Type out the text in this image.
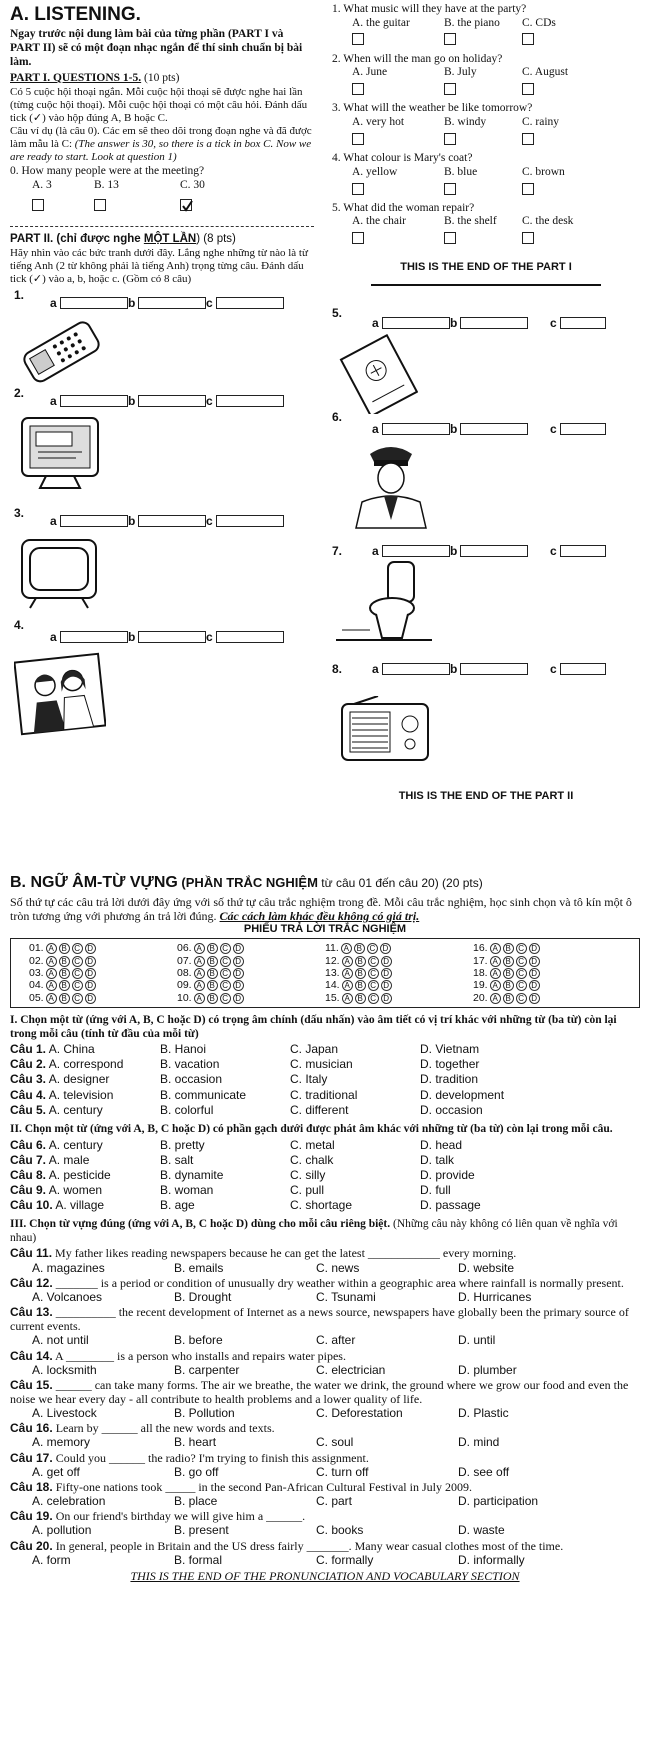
A. LISTENING.

Ngay trước nội dung làm bài của từng phần (PART I và PART II) sẽ có một đoạn nhạc ngắn để thí sinh chuẩn bị bài làm.

PART I. QUESTIONS 1-5. (10 pts)

Có 5 cuộc hội thoại ngắn. Mỗi cuộc hội thoại sẽ được nghe hai lần (từng cuộc hội thoại). Mỗi cuộc hội thoại có một câu hỏi. Đánh dấu tick (✓) vào hộp đúng A, B hoặc C.

Câu ví dụ (là câu 0). Các em sẽ theo dõi trong đoạn nghe và đã được làm mẫu là C: (The answer is 30, so there is a tick in box C. Now we are ready to start. Look at question 1)

0. How many people were at the meeting?

A. 3	B. 13	C. 30

PART II. (chỉ được nghe MỘT LẦN) (8 pts)

Hãy nhìn vào các bức tranh dưới đây. Lắng nghe những từ nào là từ tiếng Anh (2 từ không phải là tiếng Anh) trọng từng câu. Đánh dấu tick (✓) vào a, b, hoặc c. (Gồm có 8 câu)

1.
a	b	c
2.
a	b	c
3.
a	b	c
4.
a	b	c

1. What music will they have at the party?

A. the guitar	B. the piano	C. CDs

2. When will the man go on holiday?

A. June	B. July	C. August

3. What will the weather be like tomorrow?

A. very hot	B. windy	C. rainy

4. What colour is Mary's coat?

A. yellow	B. blue	C. brown

5. What did the woman repair?

A. the chair	B. the shelf	C. the desk
THIS IS THE END OF THE PART I
5.
a	b	c
6.
a	b	c
7. a	b	c
8. a	b	c
THIS IS THE END OF THE PART II
B. NGỮ ÂM-TỪ VỰNG (PHẦN TRẮC NGHIỆM từ câu 01 đến câu 20) (20 pts)

Số thứ tự các câu trả lời dưới đây ứng với số thứ tự câu trắc nghiệm trong đề. Mỗi câu trắc nghiệm, học sinh chọn và tô kín một ô tròn tương ứng với phương án trả lời đúng. Các cách làm khác đều không có giá trị.

PHIẾU TRẢ LỜI TRẮC NGHIỆM
01. A B C D	06. A B C D	11. A B C D	16. A B C D
02. A B C D	07. A B C D	12. A B C D	17. A B C D
03. A B C D	08. A B C D	13. A B C D	18. A B C D
04. A B C D	09. A B C D	14. A B C D	19. A B C D
05. A B C D	10. A B C D	15. A B C D	20. A B C D

I. Chọn một từ (ứng với A, B, C hoặc D) có trọng âm chính (dấu nhấn) vào âm tiết có vị trí khác với những từ (ba từ) còn lại trong mỗi câu (tính từ đầu của mỗi từ)

Câu 1. A. China	B. Hanoi	C. Japan	D. Vietnam
Câu 2. A. correspond	B. vacation	C. musician	D. together
Câu 3. A. designer	B. occasion	C. Italy	D. tradition
Câu 4. A. television	B. communicate	C. traditional	D. development
Câu 5. A. century	B. colorful	C. different	D. occasion

II. Chọn một từ (ứng với A, B, C hoặc D) có phần gạch dưới được phát âm khác với những từ (ba từ) còn lại trong mỗi câu.

Câu 6. A. century	B. pretty	C. metal	D. head
Câu 7. A. male	B. salt	C. chalk	D. talk
Câu 8. A. pesticide	B. dynamite	C. silly	D. provide
Câu 9. A. women	B. woman	C. pull	D. full
Câu 10. A. village	B. age	C. shortage	D. passage

III. Chọn từ vựng đúng (ứng với A, B, C hoặc D) dùng cho mỗi câu riêng biệt. (Những câu này không có liên quan về nghĩa với nhau)

Câu 11. My father likes reading newspapers because he can get the latest ____________ every morning.
A. magazines	B. emails	C. news	D. website
Câu 12. _______ is a period or condition of unusually dry weather within a geographic area where rainfall is normally present.
A. Volcanoes	B. Drought	C. Tsunami	D. Hurricanes
Câu 13. __________ the recent development of Internet as a news source, newspapers have globally been the primary source of current events.
A. not until	B. before	C. after	D. until
Câu 14. A ________ is a person who installs and repairs water pipes.
A. locksmith	B. carpenter	C. electrician	D. plumber
Câu 15. ______ can take many forms. The air we breathe, the water we drink, the ground where we grow our food and even the noise we hear every day - all contribute to health problems and a lower quality of life.
A. Livestock	B. Pollution	C. Deforestation	D. Plastic
Câu 16. Learn by ______ all the new words and texts.
A. memory	B. heart	C. soul	D. mind
Câu 17. Could you ______ the radio? I'm trying to finish this assignment.
A. get off	B. go off	C. turn off	D. see off
Câu 18. Fifty-one nations took _____ in the second Pan-African Cultural Festival in July 2009.
A. celebration	B. place	C. part	D. participation
Câu 19. On our friend's birthday we will give him a ______.
A. pollution	B. present	C. books	D. waste
Câu 20. In general, people in Britain and the US dress fairly _______. Many wear casual clothes most of the time.
A. form	B. formal	C. formally	D. informally
THIS IS THE END OF THE PRONUNCIATION AND VOCABULARY SECTION
